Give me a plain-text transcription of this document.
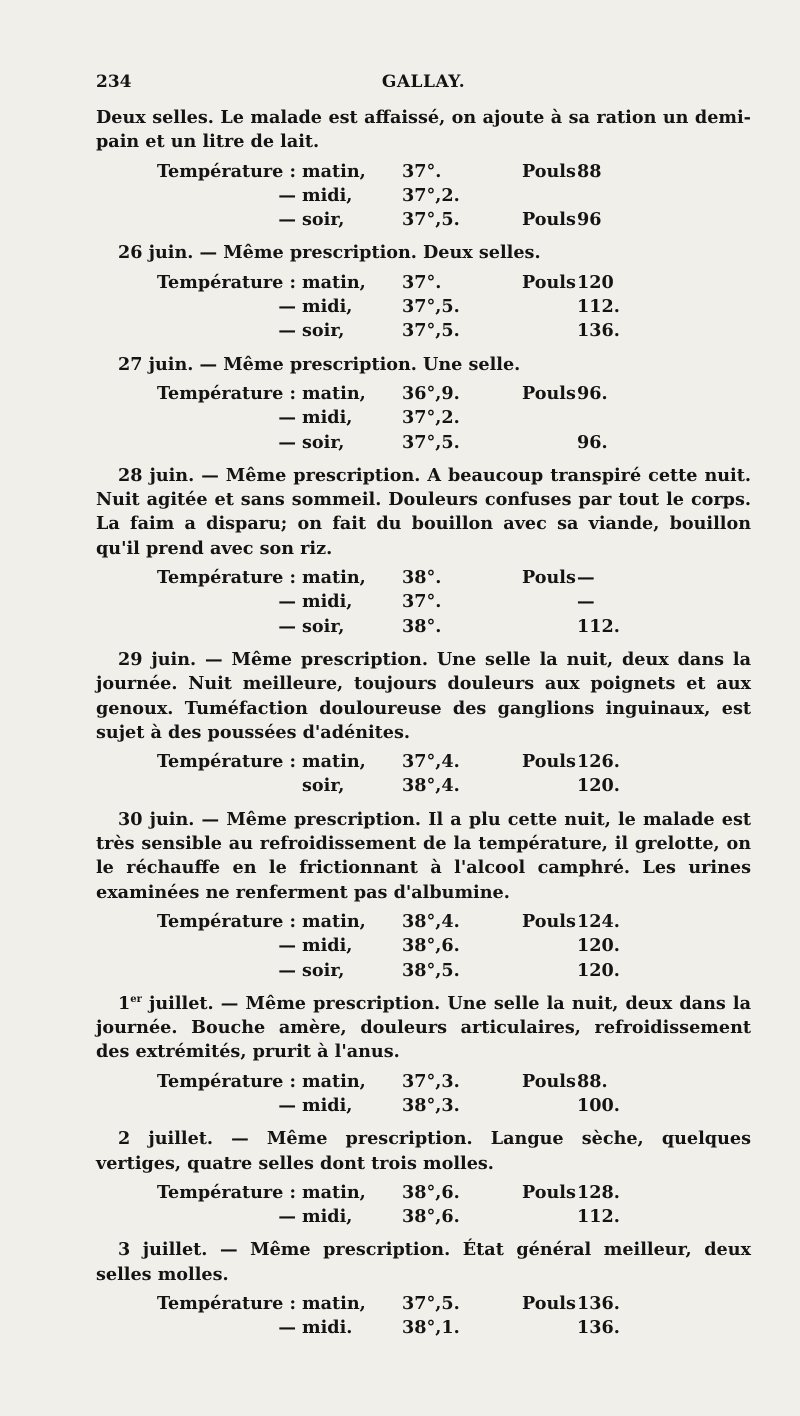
234	GALLAY.

Deux selles. Le malade est affaissé, on ajoute à sa ration un demi-pain et un litre de lait.

Température : matin,	37°.	Pouls 88
— midi,	37°,2.
— soir,	37°,5.	Pouls 96

26 juin. — Même prescription. Deux selles.

Température : matin,	37°.	Pouls 120
— midi,	37°,5.	112.
— soir,	37°,5.	136.

27 juin. — Même prescription. Une selle.

Température : matin,	36°,9.	Pouls 96.
— midi,	37°,2.
— soir,	37°,5.	96.

28 juin. — Même prescription. A beaucoup transpiré cette nuit. Nuit agitée et sans sommeil. Douleurs confuses par tout le corps. La faim a disparu; on fait du bouillon avec sa viande, bouillon qu'il prend avec son riz.

Température : matin,	38°.	Pouls —
— midi,	37°.	—
— soir,	38°.	112.

29 juin. — Même prescription. Une selle la nuit, deux dans la journée. Nuit meilleure, toujours douleurs aux poignets et aux genoux. Tuméfaction douloureuse des ganglions inguinaux, est sujet à des poussées d'adénites.

Température : matin,	37°,4.	Pouls 126.
soir,	38°,4.	120.

30 juin. — Même prescription. Il a plu cette nuit, le malade est très sensible au refroidissement de la température, il grelotte, on le réchauffe en le frictionnant à l'alcool camphré. Les urines examinées ne renferment pas d'albumine.

Température : matin,	38°,4.	Pouls 124.
— midi,	38°,6.	120.
— soir,	38°,5.	120.

1er juillet. — Même prescription. Une selle la nuit, deux dans la journée. Bouche amère, douleurs articulaires, refroidissement des extrémités, prurit à l'anus.

Température : matin,	37°,3.	Pouls 88.
— midi,	38°,3.	100.

2 juillet. — Même prescription. Langue sèche, quelques vertiges, quatre selles dont trois molles.

Température : matin,	38°,6.	Pouls 128.
— midi,	38°,6.	112.

3 juillet. — Même prescription. État général meilleur, deux selles molles.

Température : matin,	37°,5.	Pouls 136.
— midi.	38°,1.	136.
